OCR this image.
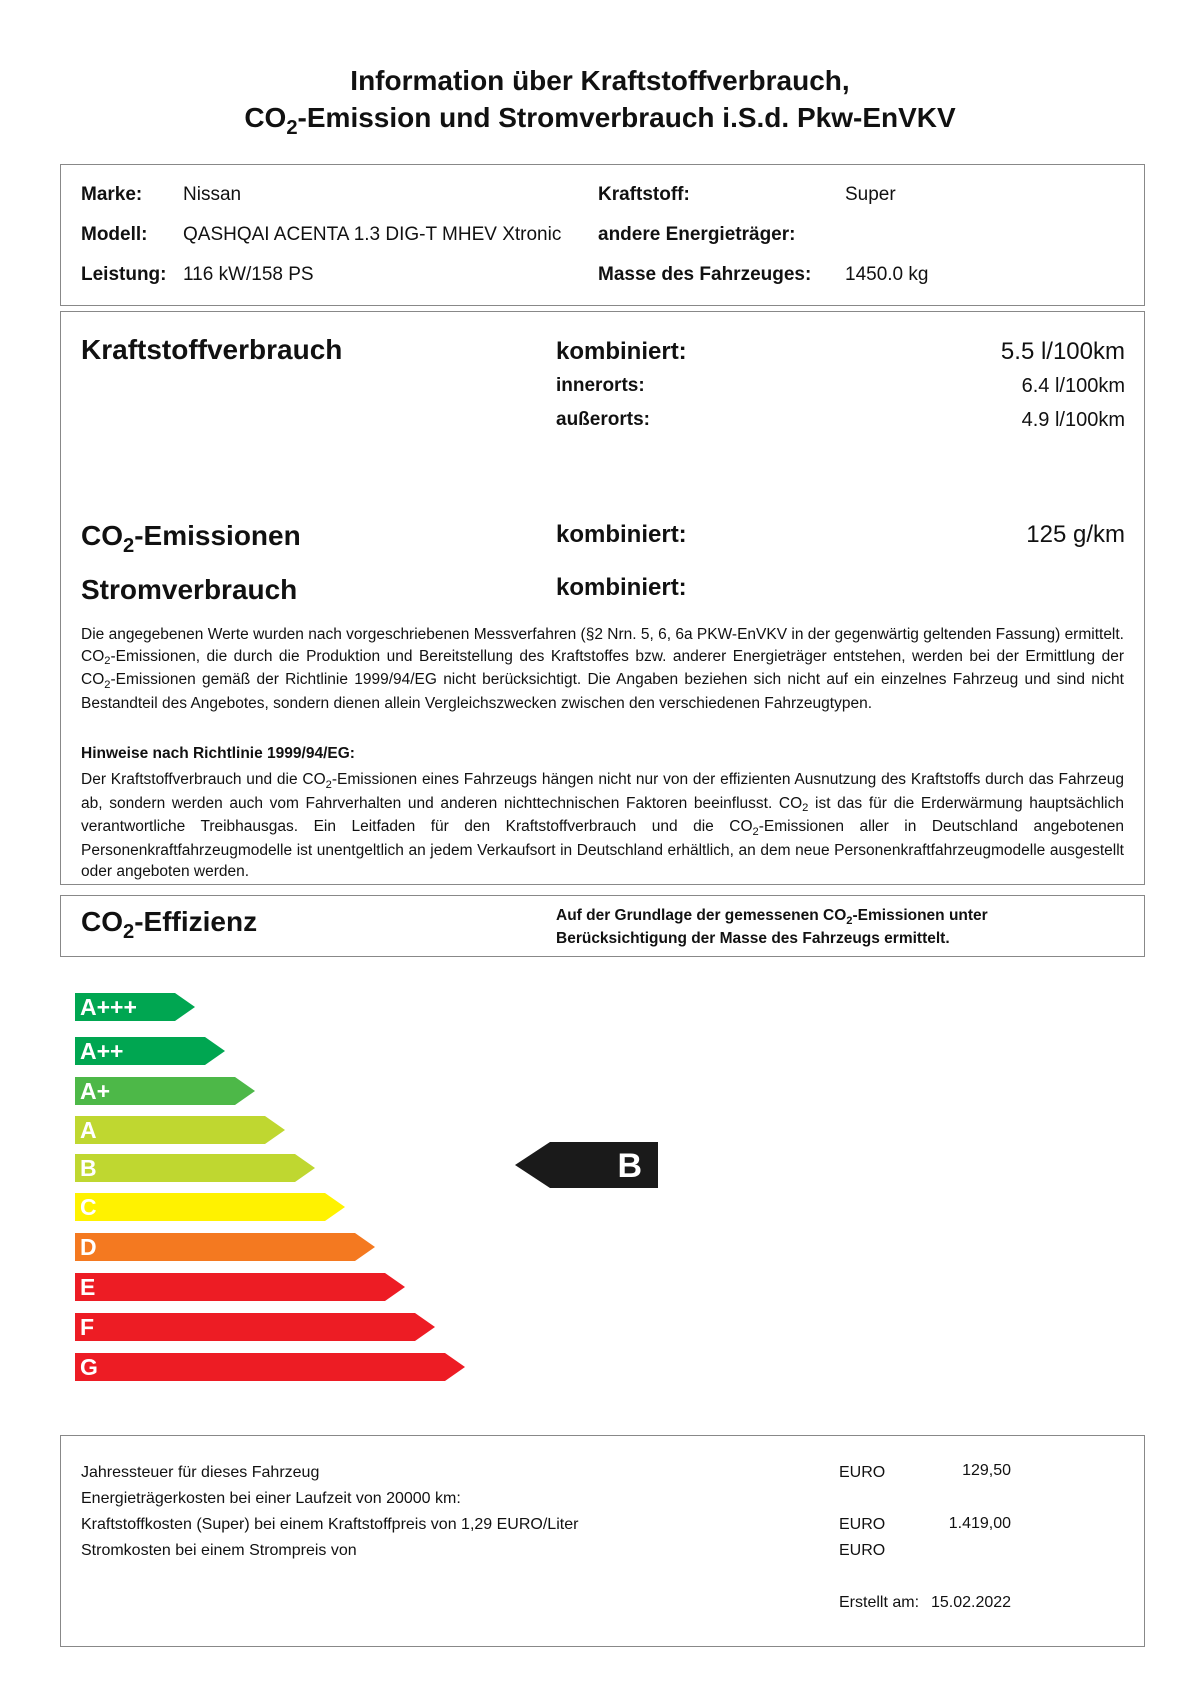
Information über Kraftstoffverbrauch,
$CO_2$-Emission und Stromverbrauch i.S.d. Pkw-EnVKV
Marke: Nissan	Kraftstoff:	Super
Modell: QASHQAI ACENTA 1.3 DIG-T MHEV Xtronic andere Energieträger:
Leistung: 116 kW/158 PS	Masse des Fahrzeuges: 1450.0 kg
Kraftstoffverbrauch	kombiniert:	5.5 l/100km
innerorts:	6.4 l/100km
außerorts:	4.9 l/100km
$CO_2$-Emissionen	kombiniert:	125 g/km
Stromverbrauch	kombiniert:
Die angegebenen Werte wurden nach vorgeschriebenen Messverfahren (§2 Nrn. 5, 6, 6a PKW-EnVKV in der gegenwärtig geltenden Fassung) ermittelt. $CO_2$-Emissionen, die durch die Produktion und Bereitstellung des Kraftstoffes bzw. anderer Energieträger entstehen, werden bei der Ermittlung der $CO_2$-Emissionen gemäß der Richtlinie 1999/94/EG nicht berücksichtigt. Die Angaben beziehen sich nicht auf ein einzelnes Fahrzeug und sind nicht Bestandteil des Angebotes, sondern dienen allein Vergleichszwecken zwischen den verschiedenen Fahrzeugtypen.
Hinweise nach Richtlinie 1999/94/EG:
Der Kraftstoffverbrauch und die $CO_2$-Emissionen eines Fahrzeugs hängen nicht nur von der effizienten Ausnutzung des Kraftstoffs durch das Fahrzeug ab, sondern werden auch vom Fahrverhalten und anderen nichttechnischen Faktoren beeinflusst. $CO_2$ ist das für die Erderwärmung hauptsächlich verantwortliche Treibhausgas. Ein Leitfaden für den Kraftstoffverbrauch und die $CO_2$-Emissionen aller in Deutschland angebotenen Personenkraftfahrzeugmodelle ist unentgeltlich an jedem Verkaufsort in Deutschland erhältlich, an dem neue Personenkraftfahrzeugmodelle ausgestellt oder angeboten werden.
$CO_2$-Effizienz	Auf der Grundlage der gemessenen $CO_2$-Emissionen unter
Berücksichtigung der Masse des Fahrzeugs ermittelt.
A+++
A++
A+
A
B
C
D
E
F
G
B
Jahressteuer für dieses Fahrzeug	EURO	129,50
Energieträgerkosten bei einer Laufzeit von 20000 km:
Kraftstoffkosten (Super) bei einem Kraftstoffpreis von 1,29 EURO/Liter	EURO	1.419,00
Stromkosten bei einem Strompreis von	EURO
Erstellt am: 15.02.2022
